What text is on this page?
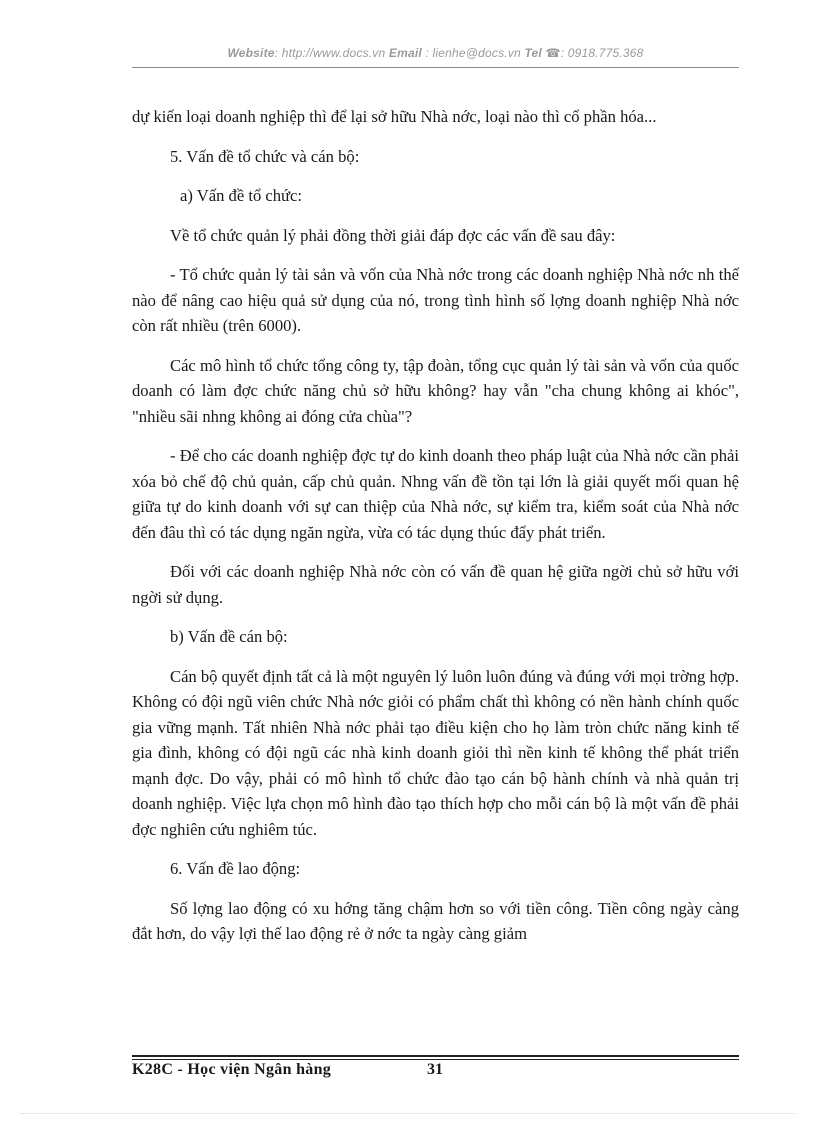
Website: http://www.docs.vn Email : lienhe@docs.vn Tel ☎: 0918.775.368

dự kiến loại doanh nghiệp thì để lại sở hữu Nhà nớc, loại nào thì cổ phần hóa...

5. Vấn đề tổ chức và cán bộ:

a) Vấn đề tổ chức:

Về tổ chức quản lý phải đồng thời giải đáp đợc các vấn đề sau đây:

- Tổ chức quản lý tài sản và vốn của Nhà nớc trong các doanh nghiệp Nhà nớc nh thế nào để nâng cao hiệu quả sử dụng của nó, trong tình hình số lợng doanh nghiệp Nhà nớc còn rất nhiều (trên 6000).

Các mô hình tổ chức tổng công ty, tập đoàn, tổng cục quản lý tài sản và vốn của quốc doanh có làm đợc chức năng chủ sở hữu không? hay vẫn "cha chung không ai khóc", "nhiều sãi nhng không ai đóng cửa chùa"?

- Để cho các doanh nghiệp đợc tự do kinh doanh theo pháp luật của Nhà nớc cần phải xóa bỏ chế độ chủ quản, cấp chủ quản. Nhng vấn đề tồn tại lớn là giải quyết mối quan hệ giữa tự do kinh doanh với sự can thiệp của Nhà nớc, sự kiểm tra, kiểm soát của Nhà nớc đến đâu thì có tác dụng ngăn ngừa, vừa có tác dụng thúc đẩy phát triển.

Đối với các doanh nghiệp Nhà nớc còn có vấn đề quan hệ giữa ngời chủ sở hữu với ngời sử dụng.

b) Vấn đề cán bộ:

Cán bộ quyết định tất cả là một nguyên lý luôn luôn đúng và đúng với mọi trờng hợp. Không có đội ngũ viên chức Nhà nớc giỏi có phẩm chất thì không có nền hành chính quốc gia vững mạnh. Tất nhiên Nhà nớc phải tạo điều kiện cho họ làm tròn chức năng kinh tế gia đình, không có đội ngũ các nhà kinh doanh giỏi thì nền kinh tế không thể phát triển mạnh đợc. Do vậy, phải có mô hình tổ chức đào tạo cán bộ hành chính và nhà quản trị doanh nghiệp. Việc lựa chọn mô hình đào tạo thích hợp cho mỗi cán bộ là một vấn đề phải đợc nghiên cứu nghiêm túc.

6. Vấn đề lao động:

Số lợng lao động có xu hớng tăng chậm hơn so với tiền công. Tiền công ngày càng đắt hơn, do vậy lợi thế lao động rẻ ở nớc ta ngày càng giảm

K28C - Học viện Ngân hàng	31
